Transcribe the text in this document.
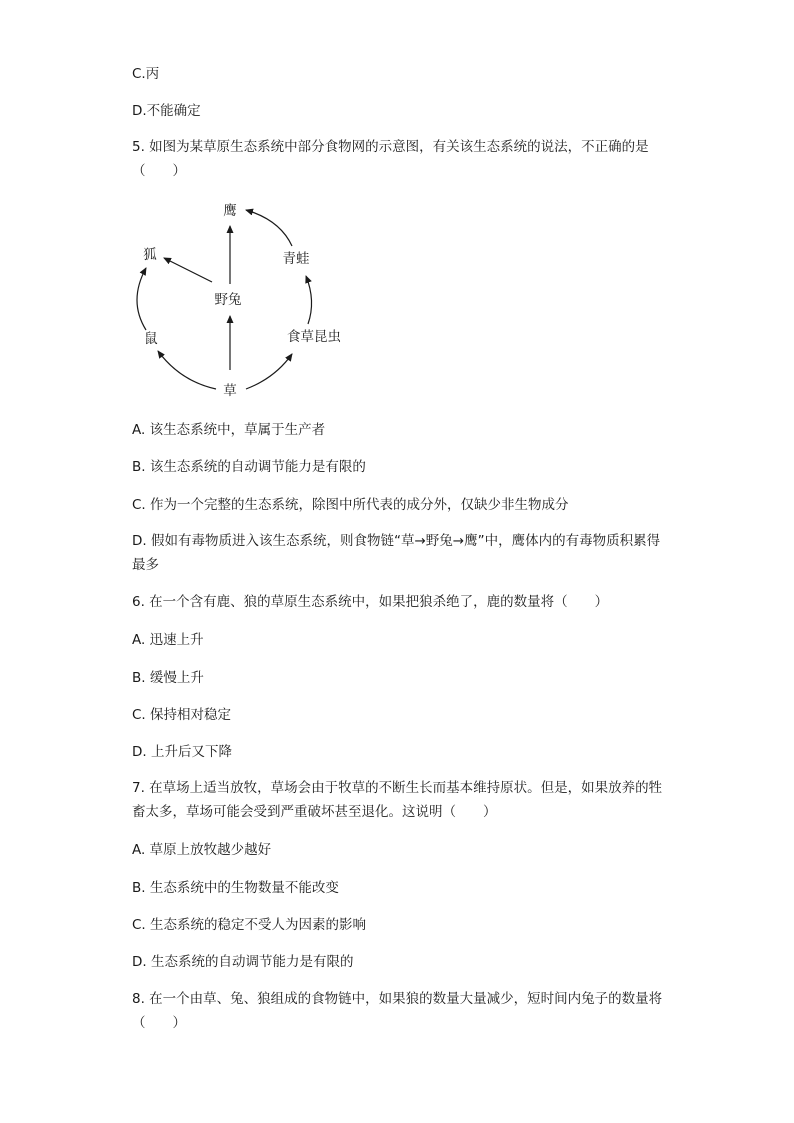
C.丙
D.不能确定
5. 如图为某草原生态系统中部分食物网的示意图，有关该生态系统的说法，不正确的是（　　）
鹰
狐	青蛙
野兔
鼠	食草昆虫
草
A. 该生态系统中，草属于生产者
B. 该生态系统的自动调节能力是有限的
C. 作为一个完整的生态系统，除图中所代表的成分外，仅缺少非生物成分
D. 假如有毒物质进入该生态系统，则食物链“草→野兔→鹰”中，鹰体内的有毒物质积累得最多
6. 在一个含有鹿、狼的草原生态系统中，如果把狼杀绝了，鹿的数量将（　　）
A. 迅速上升
B. 缓慢上升
C. 保持相对稳定
D. 上升后又下降
7. 在草场上适当放牧，草场会由于牧草的不断生长而基本维持原状。但是，如果放养的牲畜太多，草场可能会受到严重破坏甚至退化。这说明（　　）
A. 草原上放牧越少越好
B. 生态系统中的生物数量不能改变
C. 生态系统的稳定不受人为因素的影响
D. 生态系统的自动调节能力是有限的
8. 在一个由草、兔、狼组成的食物链中，如果狼的数量大量减少，短时间内兔子的数量将（　　）
